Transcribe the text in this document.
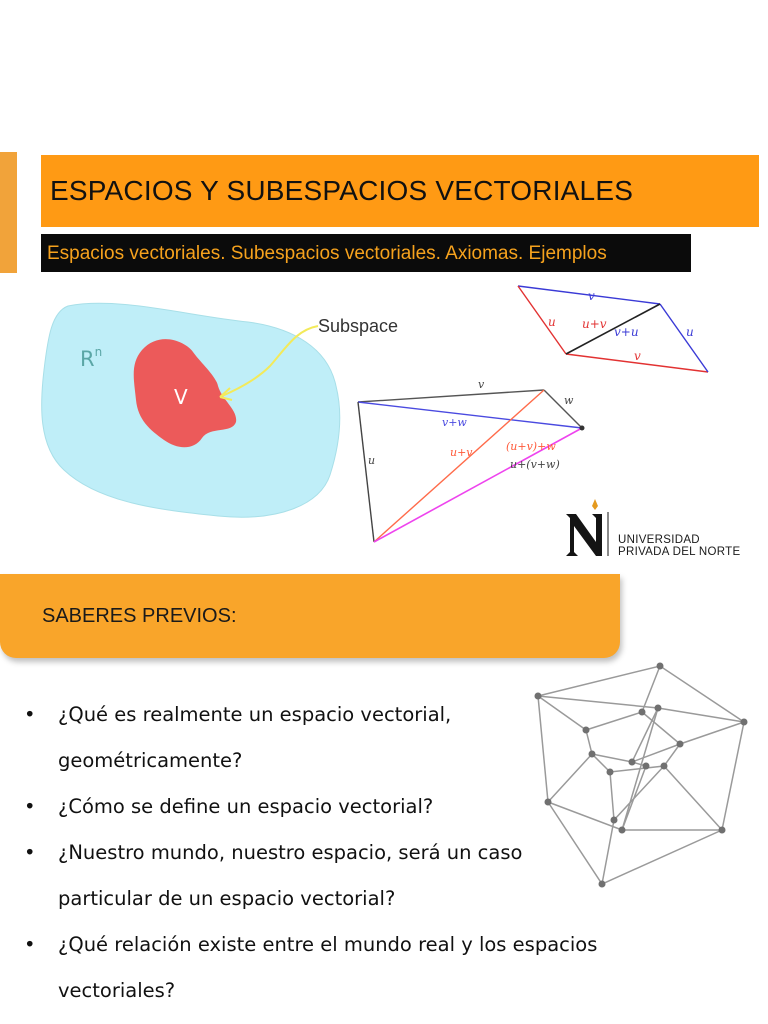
ESPACIOS Y SUBESPACIOS VECTORIALES
Espacios vectoriales. Subespacios vectoriales. Axiomas. Ejemplos
$R^n$
V
Subspace
v
u
u
v
u+v
v+u
v
w
v+w
u
u+v	(u+v)+w
u+(v+w)
UNIVERSIDAD
PRIVADA DEL NORTE
SABERES PREVIOS:
• ¿Qué es realmente un espacio vectorial,
geométricamente?
• ¿Cómo se define un espacio vectorial?
• ¿Nuestro mundo, nuestro espacio, será un caso
particular de un espacio vectorial?
• ¿Qué relación existe entre el mundo real y los espacios
vectoriales?
